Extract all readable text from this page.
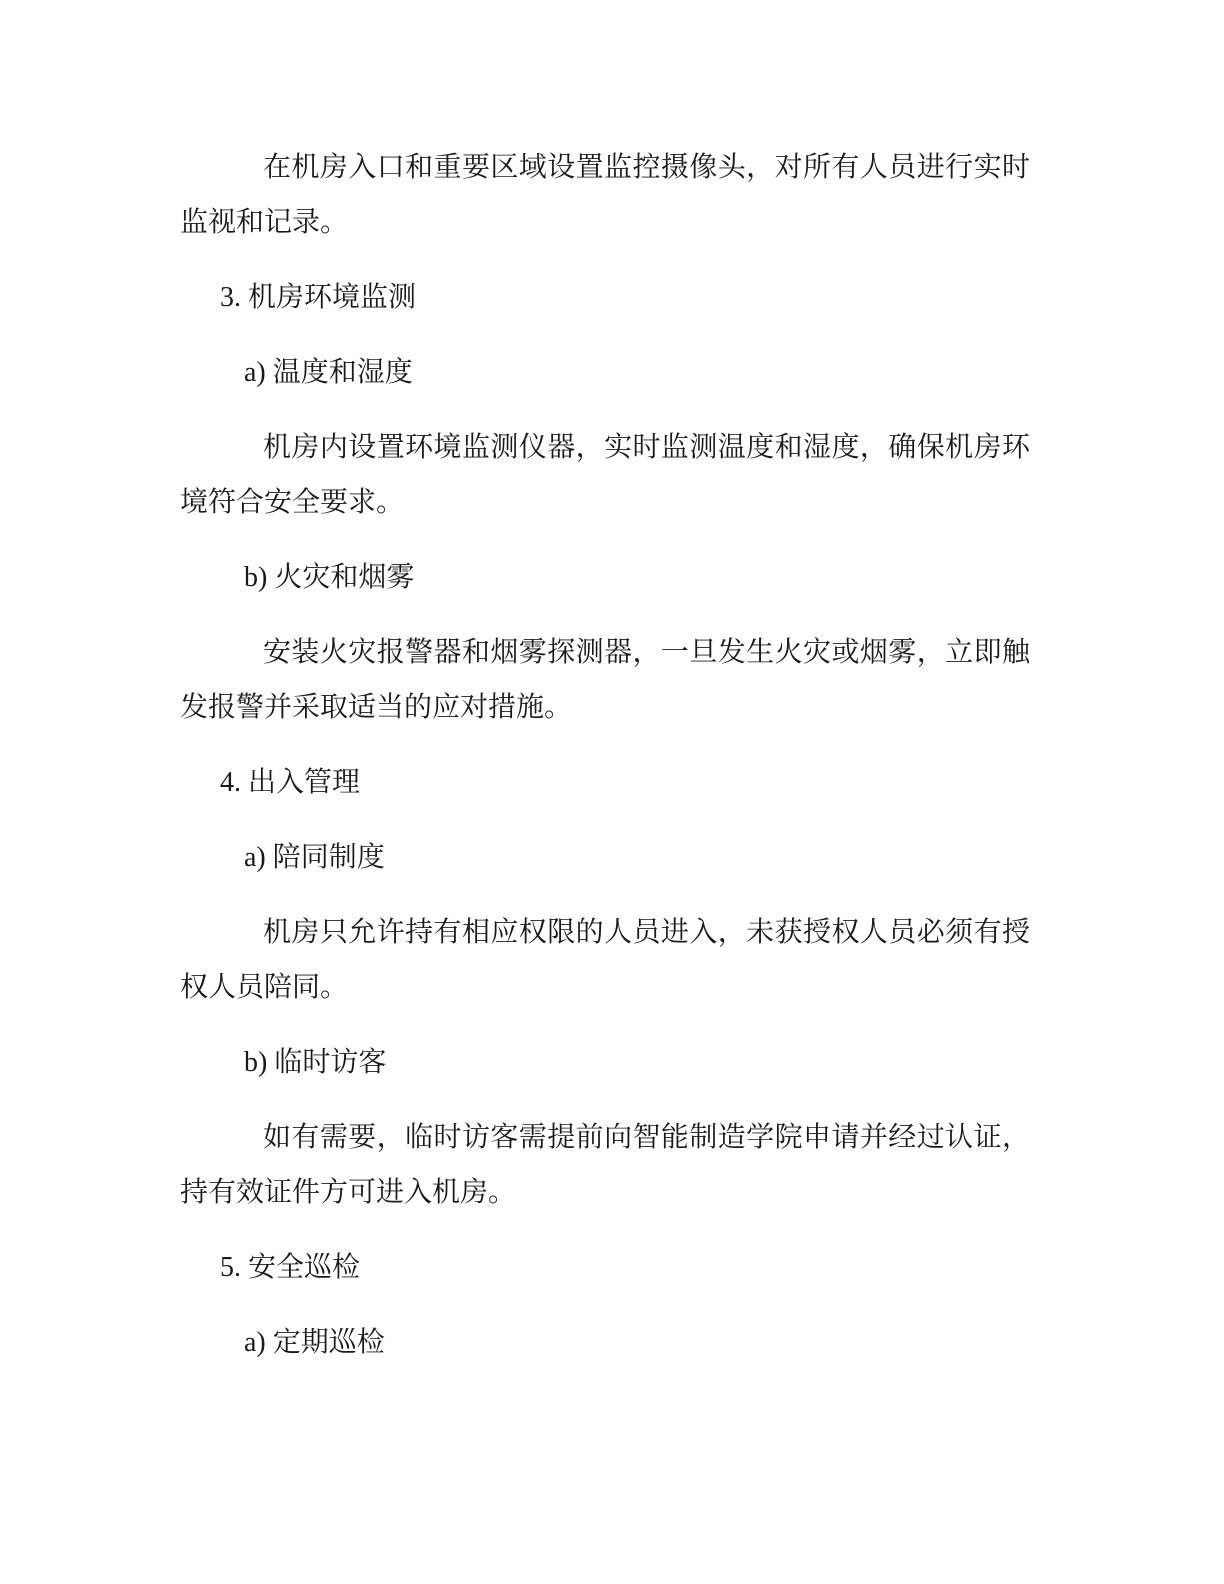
在机房入口和重要区域设置监控摄像头，对所有人员进行实时监视和记录。

3. 机房环境监测

a) 温度和湿度

机房内设置环境监测仪器，实时监测温度和湿度，确保机房环境符合安全要求。

b) 火灾和烟雾

安装火灾报警器和烟雾探测器，一旦发生火灾或烟雾，立即触发报警并采取适当的应对措施。

4. 出入管理

a) 陪同制度

机房只允许持有相应权限的人员进入，未获授权人员必须有授权人员陪同。

b) 临时访客

如有需要，临时访客需提前向智能制造学院申请并经过认证，持有效证件方可进入机房。

5. 安全巡检

a) 定期巡检
